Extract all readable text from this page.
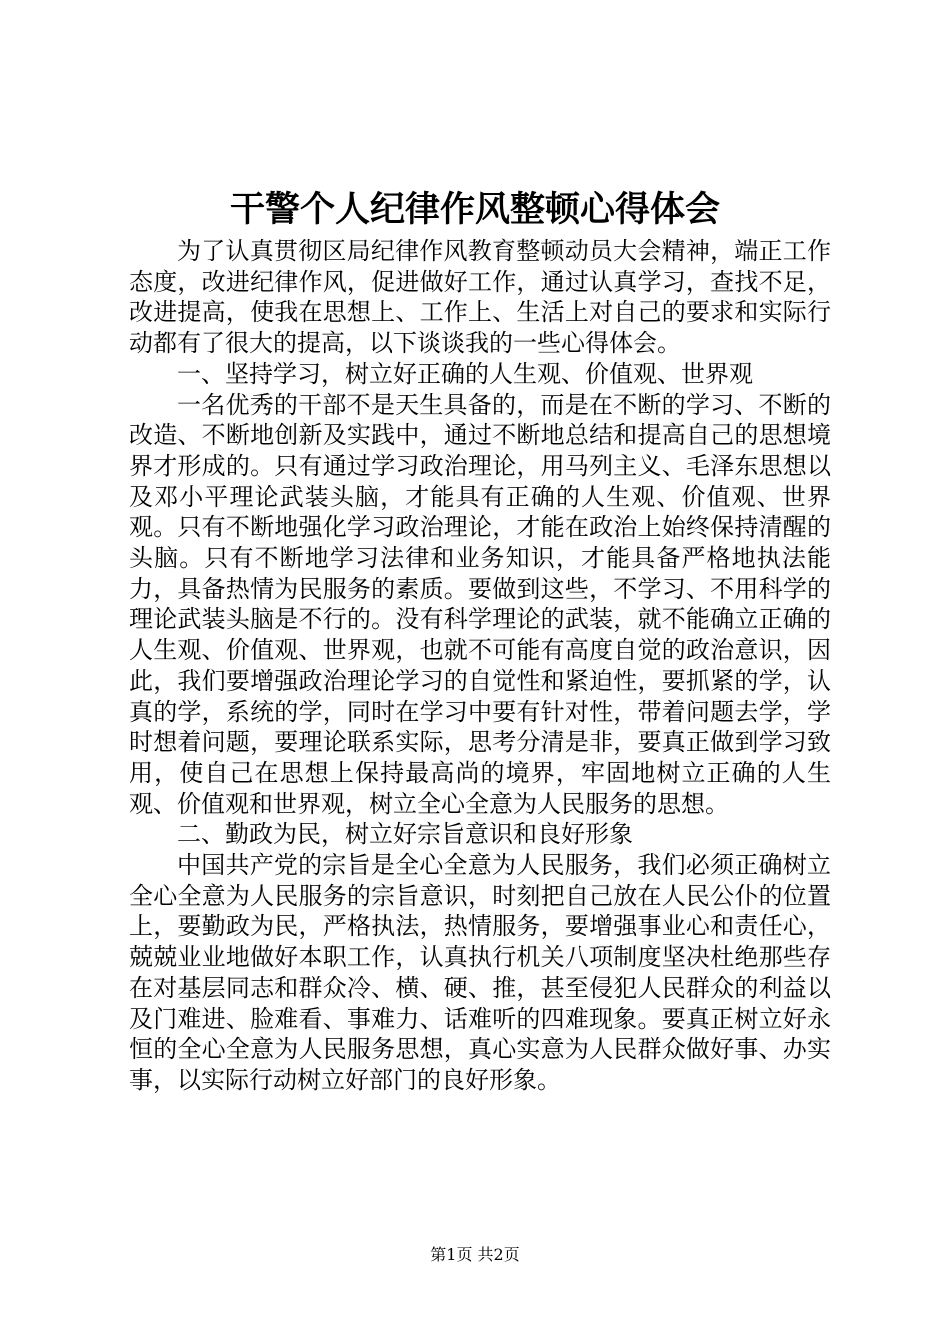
干警个人纪律作风整顿心得体会

为了认真贯彻区局纪律作风教育整顿动员大会精神，端正工作态度，改进纪律作风，促进做好工作，通过认真学习，查找不足，改进提高，使我在思想上、工作上、生活上对自己的要求和实际行动都有了很大的提高，以下谈谈我的一些心得体会。

一、坚持学习，树立好正确的人生观、价值观、世界观

一名优秀的干部不是天生具备的，而是在不断的学习、不断的改造、不断地创新及实践中，通过不断地总结和提高自己的思想境界才形成的。只有通过学习政治理论，用马列主义、毛泽东思想以及邓小平理论武装头脑，才能具有正确的人生观、价值观、世界观。只有不断地强化学习政治理论，才能在政治上始终保持清醒的头脑。只有不断地学习法律和业务知识，才能具备严格地执法能力，具备热情为民服务的素质。要做到这些，不学习、不用科学的理论武装头脑是不行的。没有科学理论的武装，就不能确立正确的人生观、价值观、世界观，也就不可能有高度自觉的政治意识，因此，我们要增强政治理论学习的自觉性和紧迫性，要抓紧的学，认真的学，系统的学，同时在学习中要有针对性，带着问题去学，学时想着问题，要理论联系实际，思考分清是非，要真正做到学习致用，使自己在思想上保持最高尚的境界，牢固地树立正确的人生观、价值观和世界观，树立全心全意为人民服务的思想。

二、勤政为民，树立好宗旨意识和良好形象

中国共产党的宗旨是全心全意为人民服务，我们必须正确树立全心全意为人民服务的宗旨意识，时刻把自己放在人民公仆的位置上，要勤政为民，严格执法，热情服务，要增强事业心和责任心，兢兢业业地做好本职工作，认真执行机关八项制度坚决杜绝那些存在对基层同志和群众冷、横、硬、推，甚至侵犯人民群众的利益以及门难进、脸难看、事难力、话难听的四难现象。要真正树立好永恒的全心全意为人民服务思想，真心实意为人民群众做好事、办实事，以实际行动树立好部门的良好形象。

第1页 共2页
